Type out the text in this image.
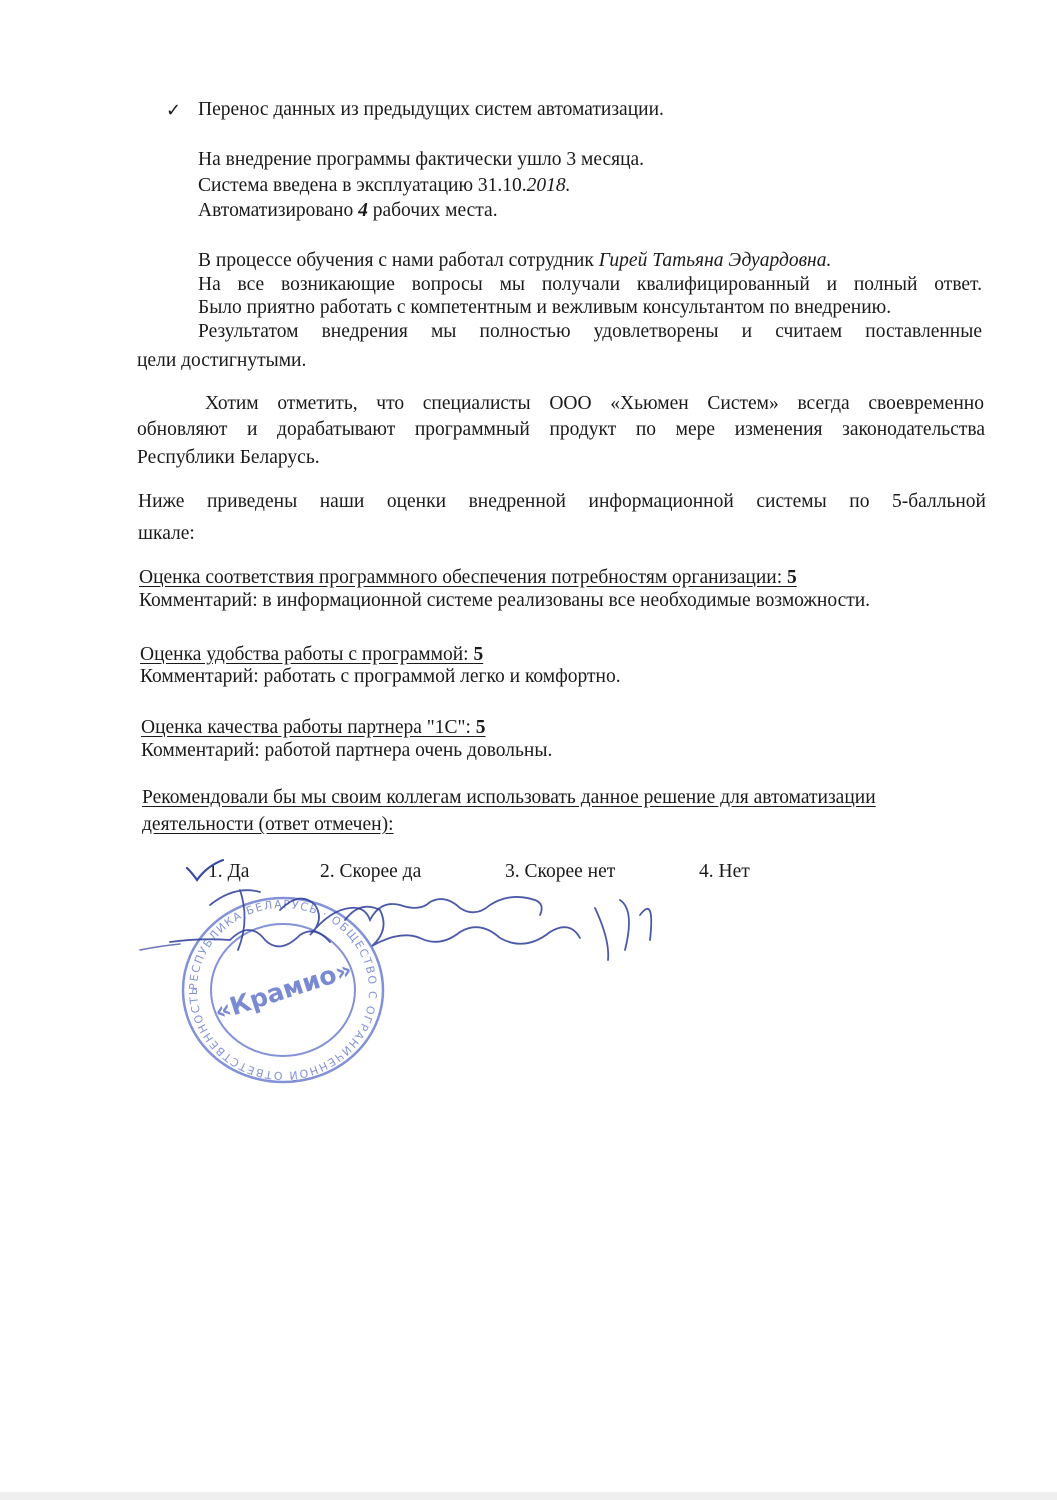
✓ Перенос данных из предыдущих систем автоматизации.
На внедрение программы фактически ушло 3 месяца.
Система введена в эксплуатацию 31.10.2018.
Автоматизировано 4 рабочих места.
В процессе обучения с нами работал сотрудник Гирей Татьяна Эдуардовна.
На все возникающие вопросы мы получали квалифицированный и полный ответ.
Было приятно работать с компетентным и вежливым консультантом по внедрению.
Результатом внедрения мы полностью удовлетворены и считаем поставленные
цели достигнутыми.
Хотим отметить, что специалисты ООО «Хьюмен Систем» всегда своевременно
обновляют и дорабатывают программный продукт по мере изменения законодательства
Республики Беларусь.
Ниже приведены наши оценки внедренной информационной системы по 5-балльной
шкале:
Оценка соответствия программного обеспечения потребностям организации: 5
Комментарий: в информационной системе реализованы все необходимые возможности.
Оценка удобства работы с программой: 5
Комментарий: работать с программой легко и комфортно.
Оценка качества работы партнера "1С": 5
Комментарий: работой партнера очень довольны.
Рекомендовали бы мы своим коллегам использовать данное решение для автоматизации
деятельности (ответ отмечен):
1. Да	2. Скорее да	3. Скорее нет	4. Нет
РЕСПУБЛИКА БЕЛАРУСЬ · ОБЩЕСТВО С ОГРАНИЧЕННОЙ ОТВЕТСТВЕННОСТЬЮ · ГОРОД МИНСК ·
«Крамио»
